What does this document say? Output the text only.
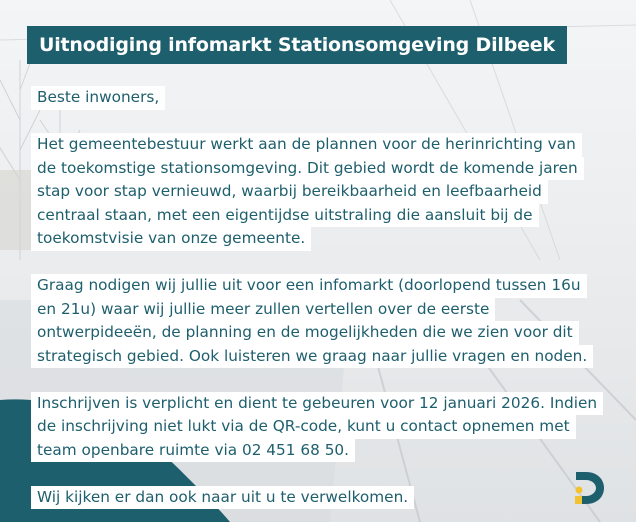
Uitnodiging infomarkt Stationsomgeving Dilbeek
Beste inwoners,
Het gemeentebestuur werkt aan de plannen voor de herinrichting van
de toekomstige stationsomgeving. Dit gebied wordt de komende jaren
stap voor stap vernieuwd, waarbij bereikbaarheid en leefbaarheid
centraal staan, met een eigentijdse uitstraling die aansluit bij de
toekomstvisie van onze gemeente.
Graag nodigen wij jullie uit voor een infomarkt (doorlopend tussen 16u
en 21u) waar wij jullie meer zullen vertellen over de eerste
ontwerpideeën, de planning en de mogelijkheden die we zien voor dit
strategisch gebied. Ook luisteren we graag naar jullie vragen en noden.
Inschrijven is verplicht en dient te gebeuren voor 12 januari 2026. Indien
de inschrijving niet lukt via de QR-code, kunt u contact opnemen met
team openbare ruimte via 02 451 68 50.
Wij kijken er dan ook naar uit u te verwelkomen.
